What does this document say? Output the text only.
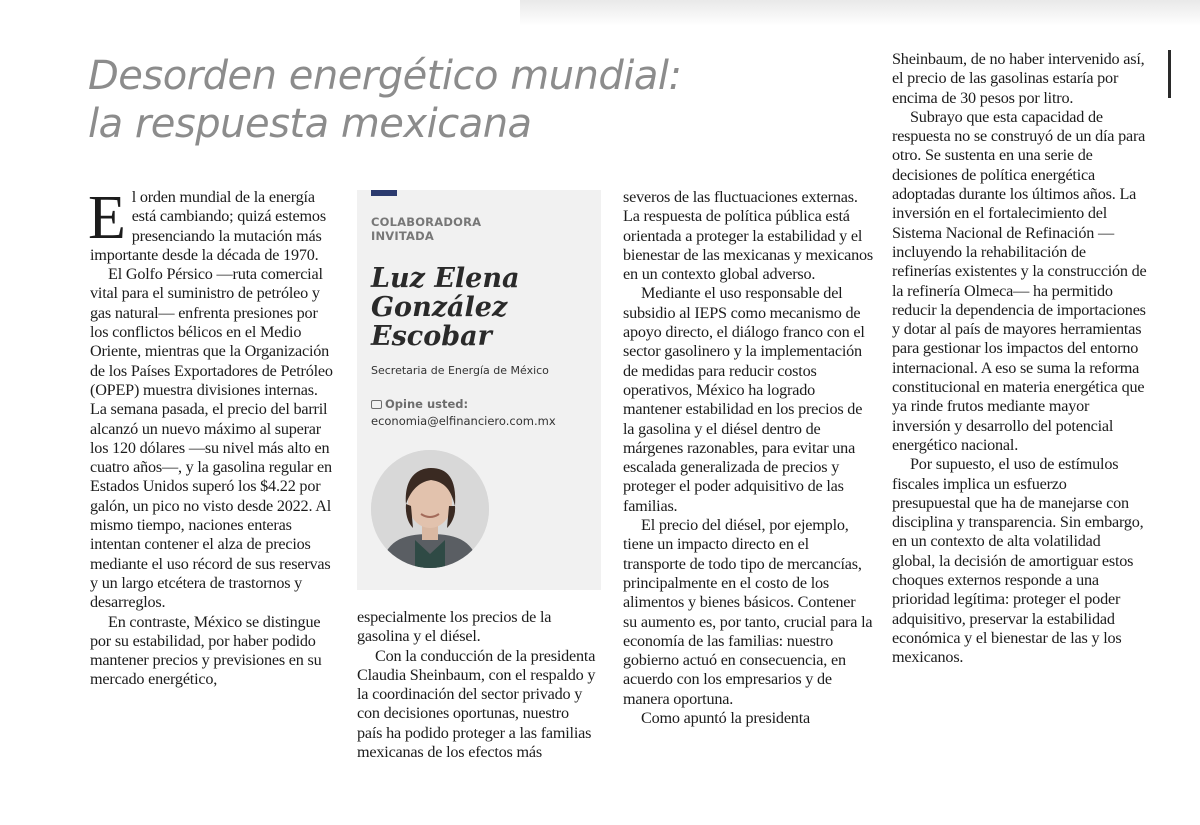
Desorden energético mundial:
la respuesta mexicana

El orden mundial de la energía está cambiando; quizá estemos presenciando la mutación más importante desde la década de 1970.

El Golfo Pérsico —ruta comercial vital para el suministro de petróleo y gas natural— enfrenta presiones por los conflictos bélicos en el Medio Oriente, mientras que la Organización de los Países Exportadores de Petróleo (OPEP) muestra divisiones internas. La semana pasada, el precio del barril alcanzó un nuevo máximo al superar los 120 dólares —su nivel más alto en cuatro años—, y la gasolina regular en Estados Unidos superó los $4.22 por galón, un pico no visto desde 2022. Al mismo tiempo, naciones enteras intentan contener el alza de precios mediante el uso récord de sus reservas y un largo etcétera de trastornos y desarreglos.

En contraste, México se distingue por su estabilidad, por haber podido mantener precios y previsiones en su mercado energético,

COLABORADORA
INVITADA
Luz Elena
González
Escobar
Secretaria de Energía de México
Opine usted:
economia@elfinanciero.com.mx

especialmente los precios de la gasolina y el diésel.

Con la conducción de la presidenta Claudia Sheinbaum, con el respaldo y la coordinación del sector privado y con decisiones oportunas, nuestro país ha podido proteger a las familias mexicanas de los efectos más

severos de las fluctuaciones externas. La respuesta de política pública está orientada a proteger la estabilidad y el bienestar de las mexicanas y mexicanos en un contexto global adverso.

Mediante el uso responsable del subsidio al IEPS como mecanismo de apoyo directo, el diálogo franco con el sector gasolinero y la implementación de medidas para reducir costos operativos, México ha logrado mantener estabilidad en los precios de la gasolina y el diésel dentro de márgenes razonables, para evitar una escalada generalizada de precios y proteger el poder adquisitivo de las familias.

El precio del diésel, por ejemplo, tiene un impacto directo en el transporte de todo tipo de mercancías, principalmente en el costo de los alimentos y bienes básicos. Contener su aumento es, por tanto, crucial para la economía de las familias: nuestro gobierno actuó en consecuencia, en acuerdo con los empresarios y de manera oportuna.

Como apuntó la presidenta

Sheinbaum, de no haber intervenido así, el precio de las gasolinas estaría por encima de 30 pesos por litro.

Subrayo que esta capacidad de respuesta no se construyó de un día para otro. Se sustenta en una serie de decisiones de política energética adoptadas durante los últimos años. La inversión en el fortalecimiento del Sistema Nacional de Refinación —incluyendo la rehabilitación de refinerías existentes y la construcción de la refinería Olmeca— ha permitido reducir la dependencia de importaciones y dotar al país de mayores herramientas para gestionar los impactos del entorno internacional. A eso se suma la reforma constitucional en materia energética que ya rinde frutos mediante mayor inversión y desarrollo del potencial energético nacional.

Por supuesto, el uso de estímulos fiscales implica un esfuerzo presupuestal que ha de manejarse con disciplina y transparencia. Sin embargo, en un contexto de alta volatilidad global, la decisión de amortiguar estos choques externos responde a una prioridad legítima: proteger el poder adquisitivo, preservar la estabilidad económica y el bienestar de las y los mexicanos.
